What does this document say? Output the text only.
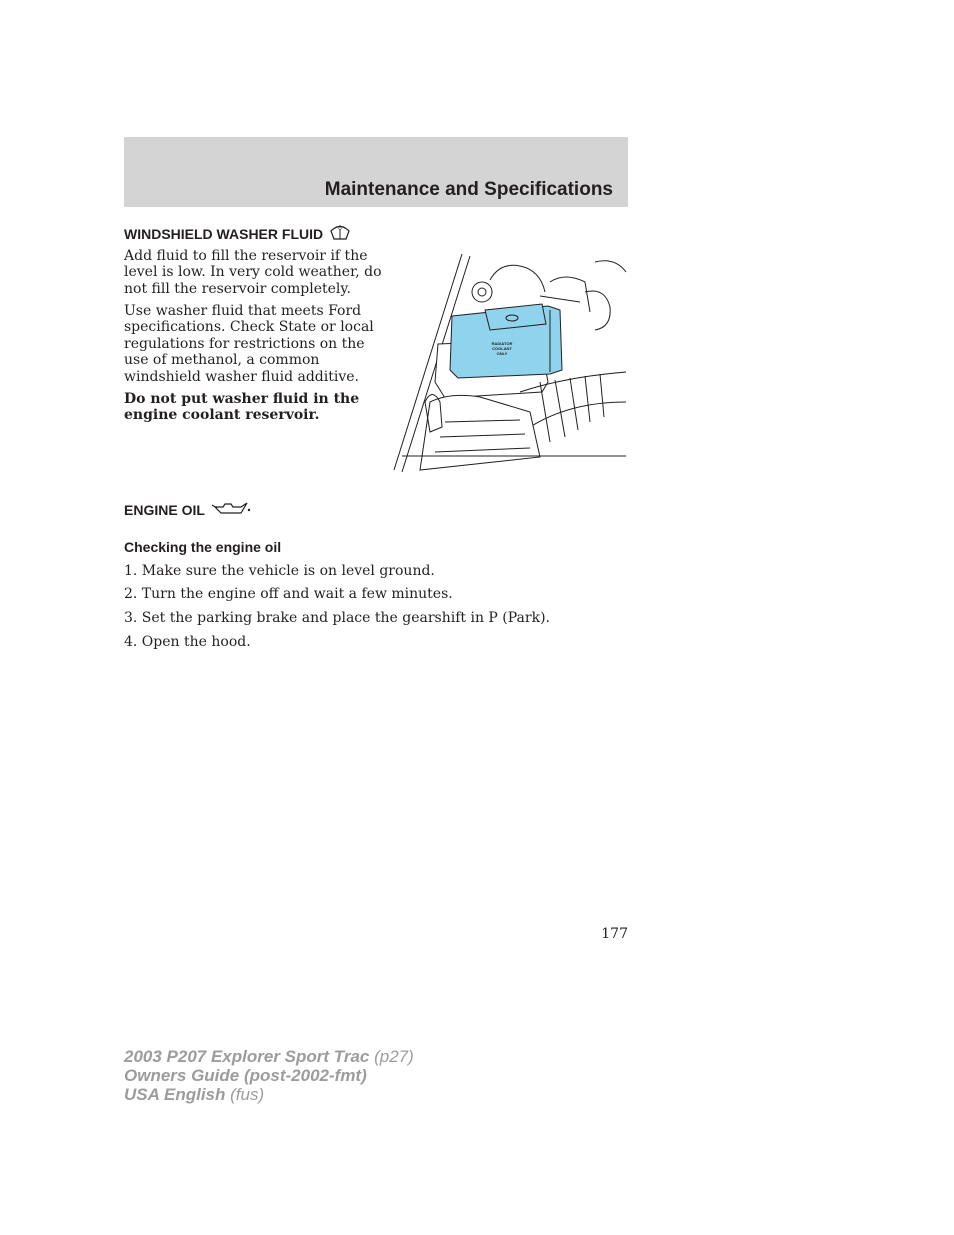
Maintenance and Specifications
WINDSHIELD WASHER FLUID

Add fluid to fill the reservoir if the level is low. In very cold weather, do not fill the reservoir completely.

Use washer fluid that meets Ford specifications. Check State or local regulations for restrictions on the use of methanol, a common windshield washer fluid additive.

Do not put washer fluid in the engine coolant reservoir.

RADIATOR
COOLANT
ONLY
ENGINE OIL
Checking the engine oil
1. Make sure the vehicle is on level ground.
2. Turn the engine off and wait a few minutes.
3. Set the parking brake and place the gearshift in P (Park).
4. Open the hood.
177
2003 P207 Explorer Sport Trac (p27)
Owners Guide (post-2002-fmt)
USA English (fus)
